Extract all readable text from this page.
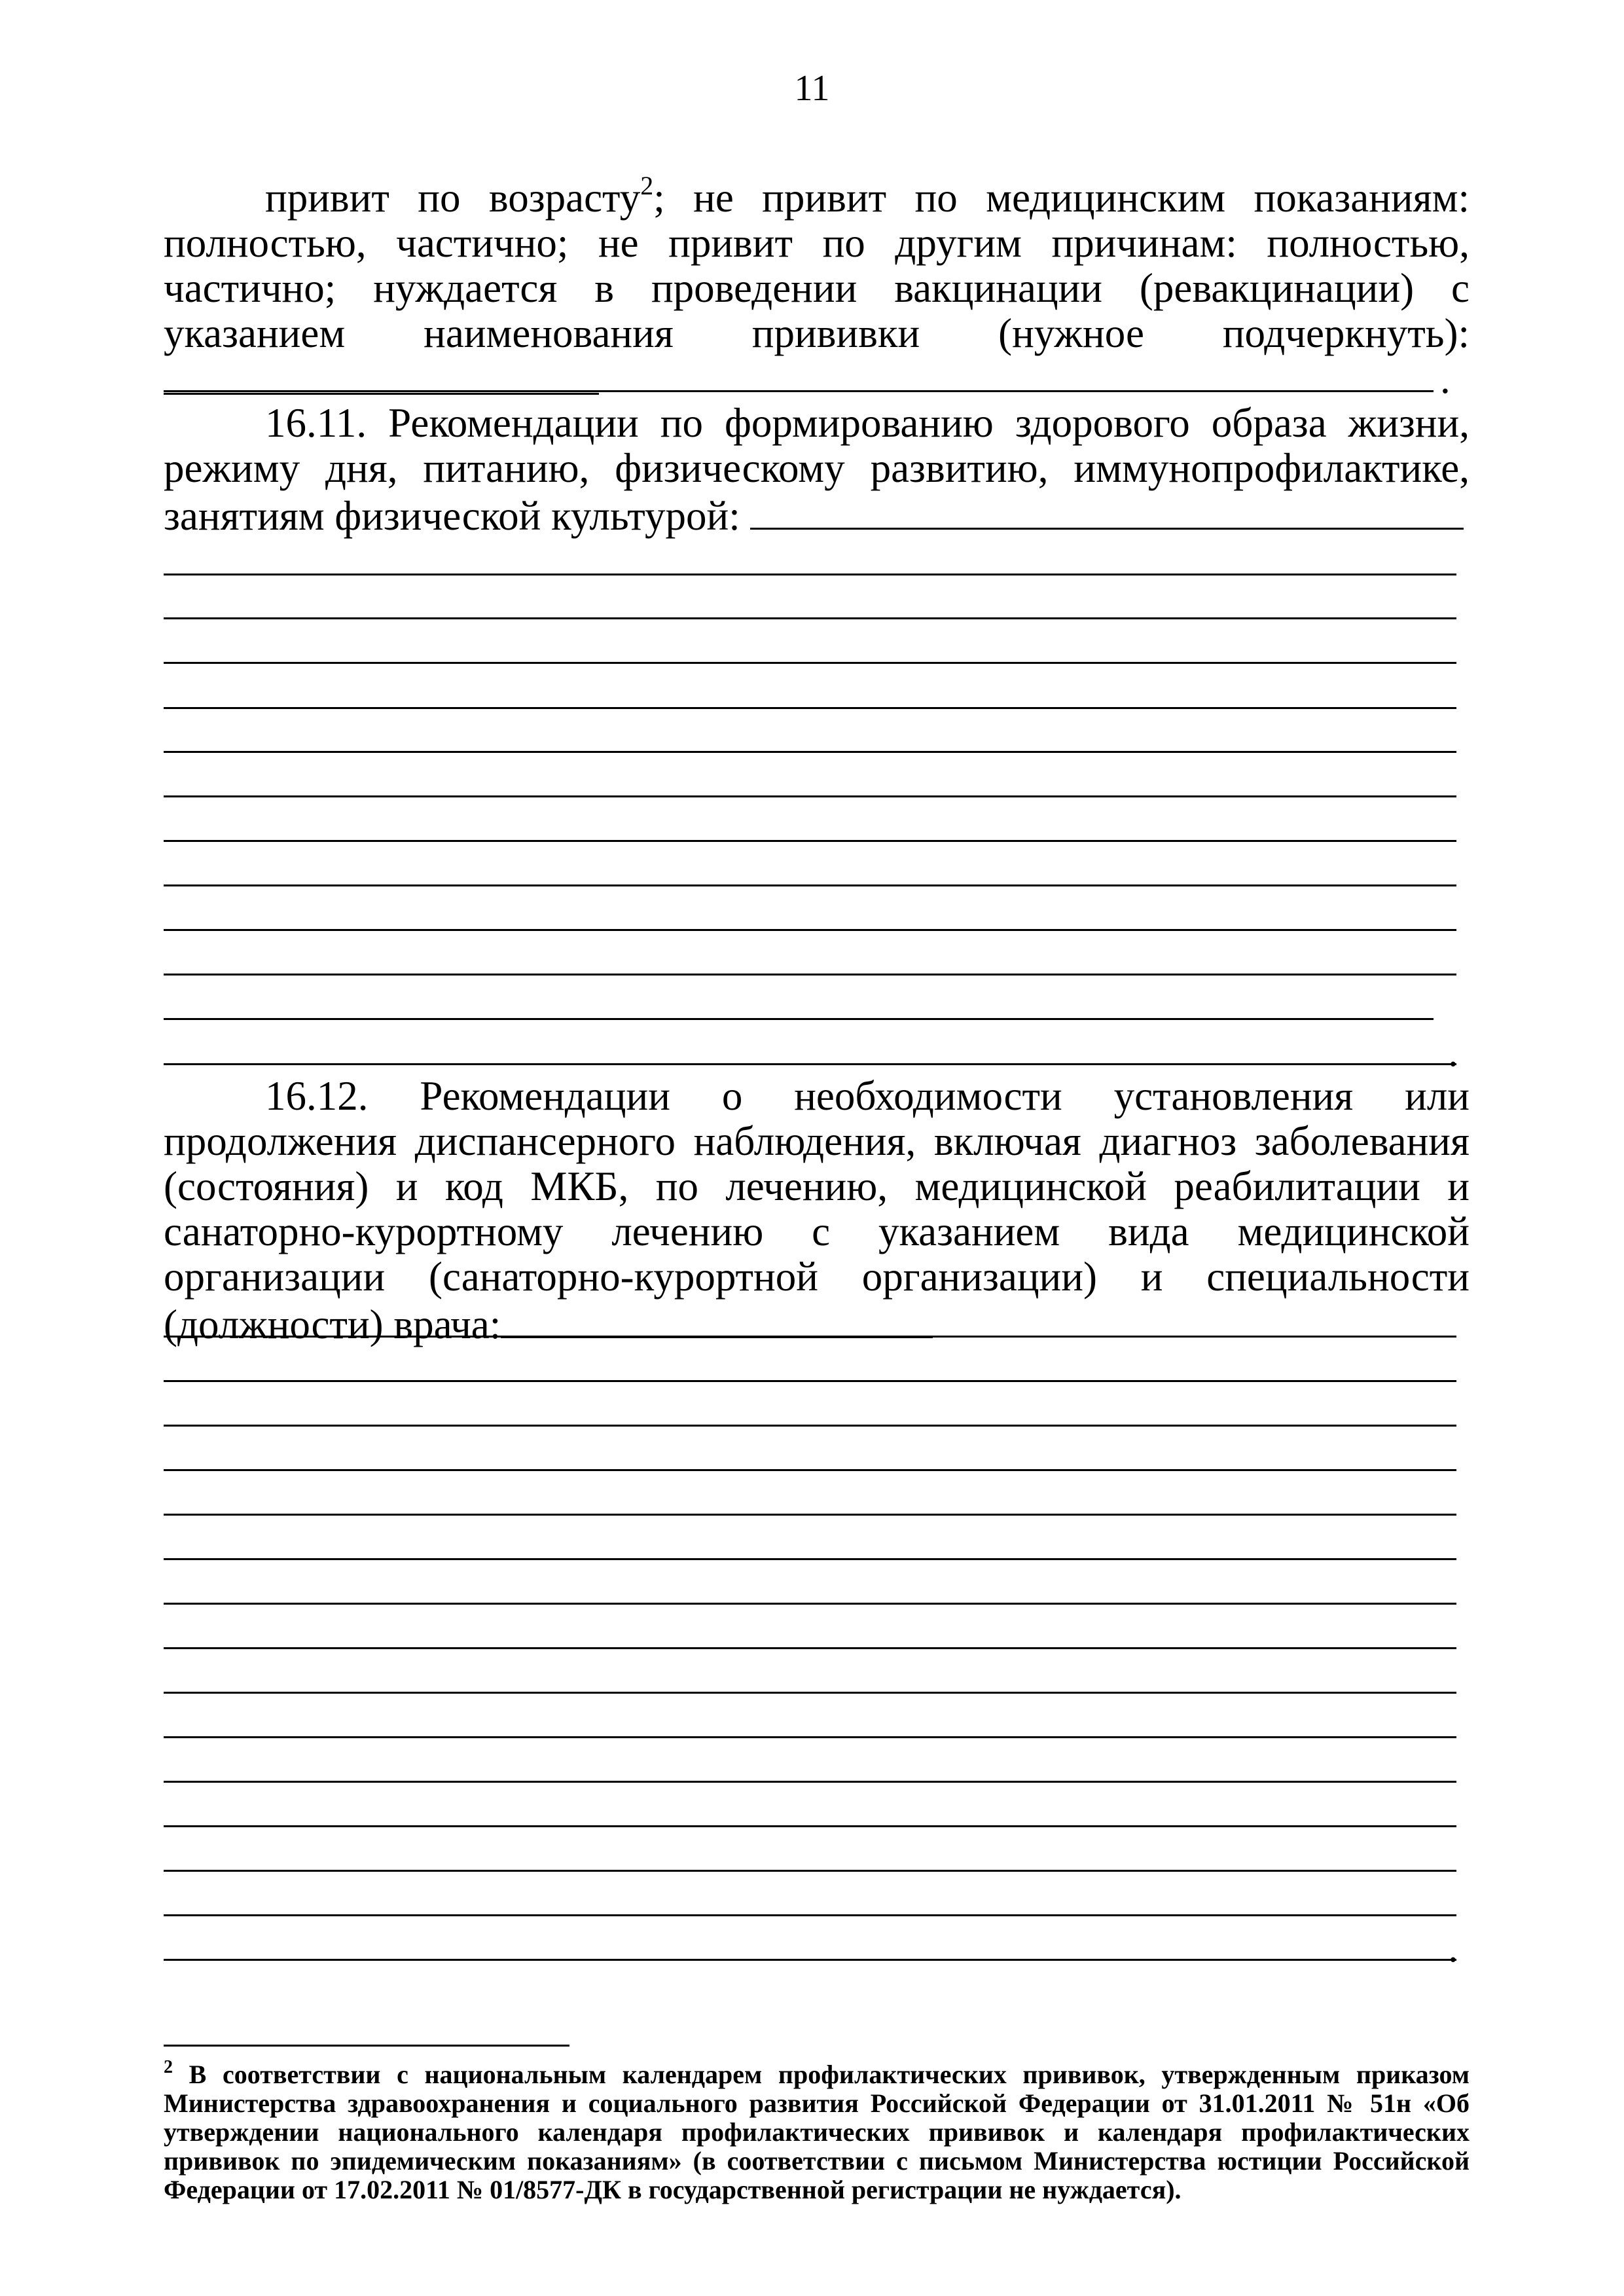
11

привит по возрасту$^2$; не привит по медицинским показаниям: полностью, частично; не привит по другим причинам: полностью, частично; нуждается в проведении вакцинации (ревакцинации) с указанием наименования прививки (нужное подчеркнуть):

.

16.11. Рекомендации по формированию здорового образа жизни, режиму дня, питанию, физическому развитию, иммунопрофилактике, занятиям физической культурой:

.

16.12. Рекомендации о необходимости установления или продолжения диспансерного наблюдения, включая диагноз заболевания (состояния) и код МКБ, по лечению, медицинской реабилитации и санаторно-курортному лечению с указанием вида медицинской организации (санаторно-курортной организации) и специальности (должности) врача:

.

$^2$ В соответствии с национальным календарем профилактических прививок, утвержденным приказом Министерства здравоохранения и социального развития Российской Федерации от 31.01.2011 № 51н «Об утверждении национального календаря профилактических прививок и календаря профилактических прививок по эпидемическим показаниям» (в соответствии с письмом Министерства юстиции Российской Федерации от 17.02.2011 № 01/8577-ДК в государственной регистрации не нуждается).
